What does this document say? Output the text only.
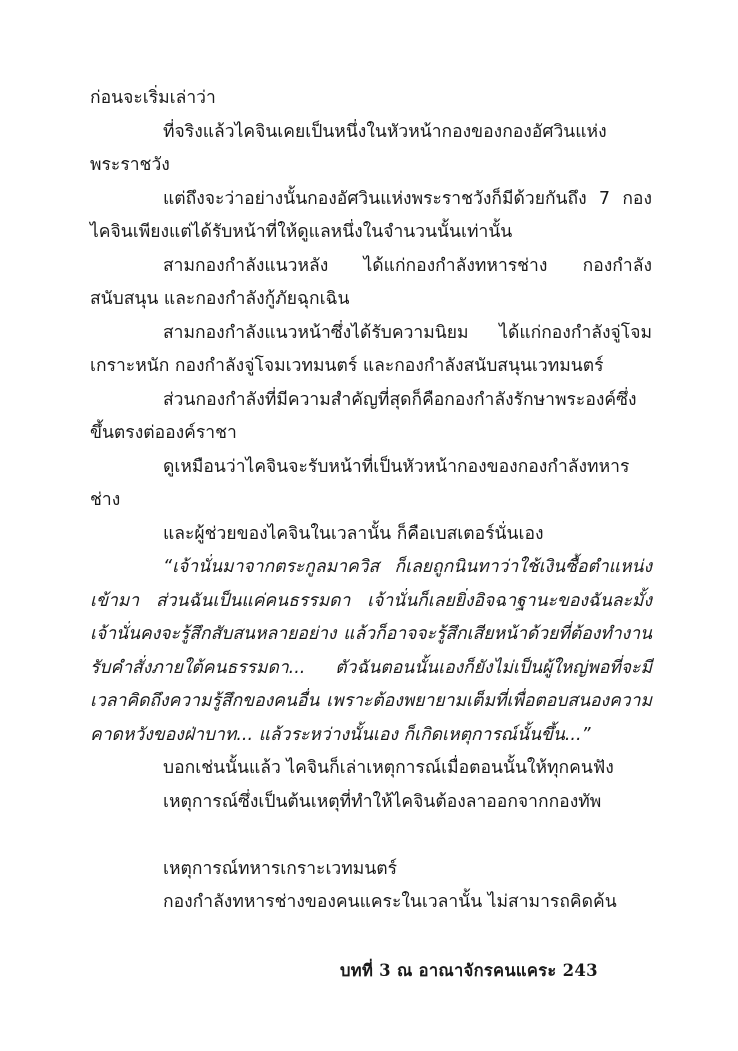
ก่อนจะเริ่มเล่าว่า

ที่จริงแล้วไคจินเคยเป็นหนึ่งในหัวหน้ากองของกองอัศวินแห่งพระราชวัง

แต่ถึงจะว่าอย่างนั้นกองอัศวินแห่งพระราชวังก็มีด้วยกันถึง 7 กอง ไคจินเพียงแต่ได้รับหน้าที่ให้ดูแลหนึ่งในจำนวนนั้นเท่านั้น

สามกองกำลังแนวหลัง ได้แก่กองกำลังทหารช่าง กองกำลังสนับสนุน และกองกำลังกู้ภัยฉุกเฉิน

สามกองกำลังแนวหน้าซึ่งได้รับความนิยม ได้แก่กองกำลังจู่โจมเกราะหนัก กองกำลังจู่โจมเวทมนตร์ และกองกำลังสนับสนุนเวทมนตร์

ส่วนกองกำลังที่มีความสำคัญที่สุดก็คือกองกำลังรักษาพระองค์ซึ่งขึ้นตรงต่อองค์ราชา

ดูเหมือนว่าไคจินจะรับหน้าที่เป็นหัวหน้ากองของกองกำลังทหารช่าง

และผู้ช่วยของไคจินในเวลานั้น ก็คือเบสเตอร์นั่นเอง

“เจ้านั่นมาจากตระกูลมาควิส ก็เลยถูกนินทาว่าใช้เงินซื้อตำแหน่งเข้ามา ส่วนฉันเป็นแค่คนธรรมดา เจ้านั่นก็เลยยิ่งอิจฉาฐานะของฉันละมั้ง เจ้านั่นคงจะรู้สึกสับสนหลายอย่าง แล้วก็อาจจะรู้สึกเสียหน้าด้วยที่ต้องทำงานรับคำสั่งภายใต้คนธรรมดา... ตัวฉันตอนนั้นเองก็ยังไม่เป็นผู้ใหญ่พอที่จะมีเวลาคิดถึงความรู้สึกของคนอื่น เพราะต้องพยายามเต็มที่เพื่อตอบสนองความคาดหวังของฝ่าบาท... แล้วระหว่างนั้นเอง ก็เกิดเหตุการณ์นั้นขึ้น...”

บอกเช่นนั้นแล้ว ไคจินก็เล่าเหตุการณ์เมื่อตอนนั้นให้ทุกคนฟัง

เหตุการณ์ซึ่งเป็นต้นเหตุที่ทำให้ไคจินต้องลาออกจากกองทัพ

เหตุการณ์ทหารเกราะเวทมนตร์

กองกำลังทหารช่างของคนแคระในเวลานั้น ไม่สามารถคิดค้น

บทที่ 3 ณ อาณาจักรคนแคระ 243
